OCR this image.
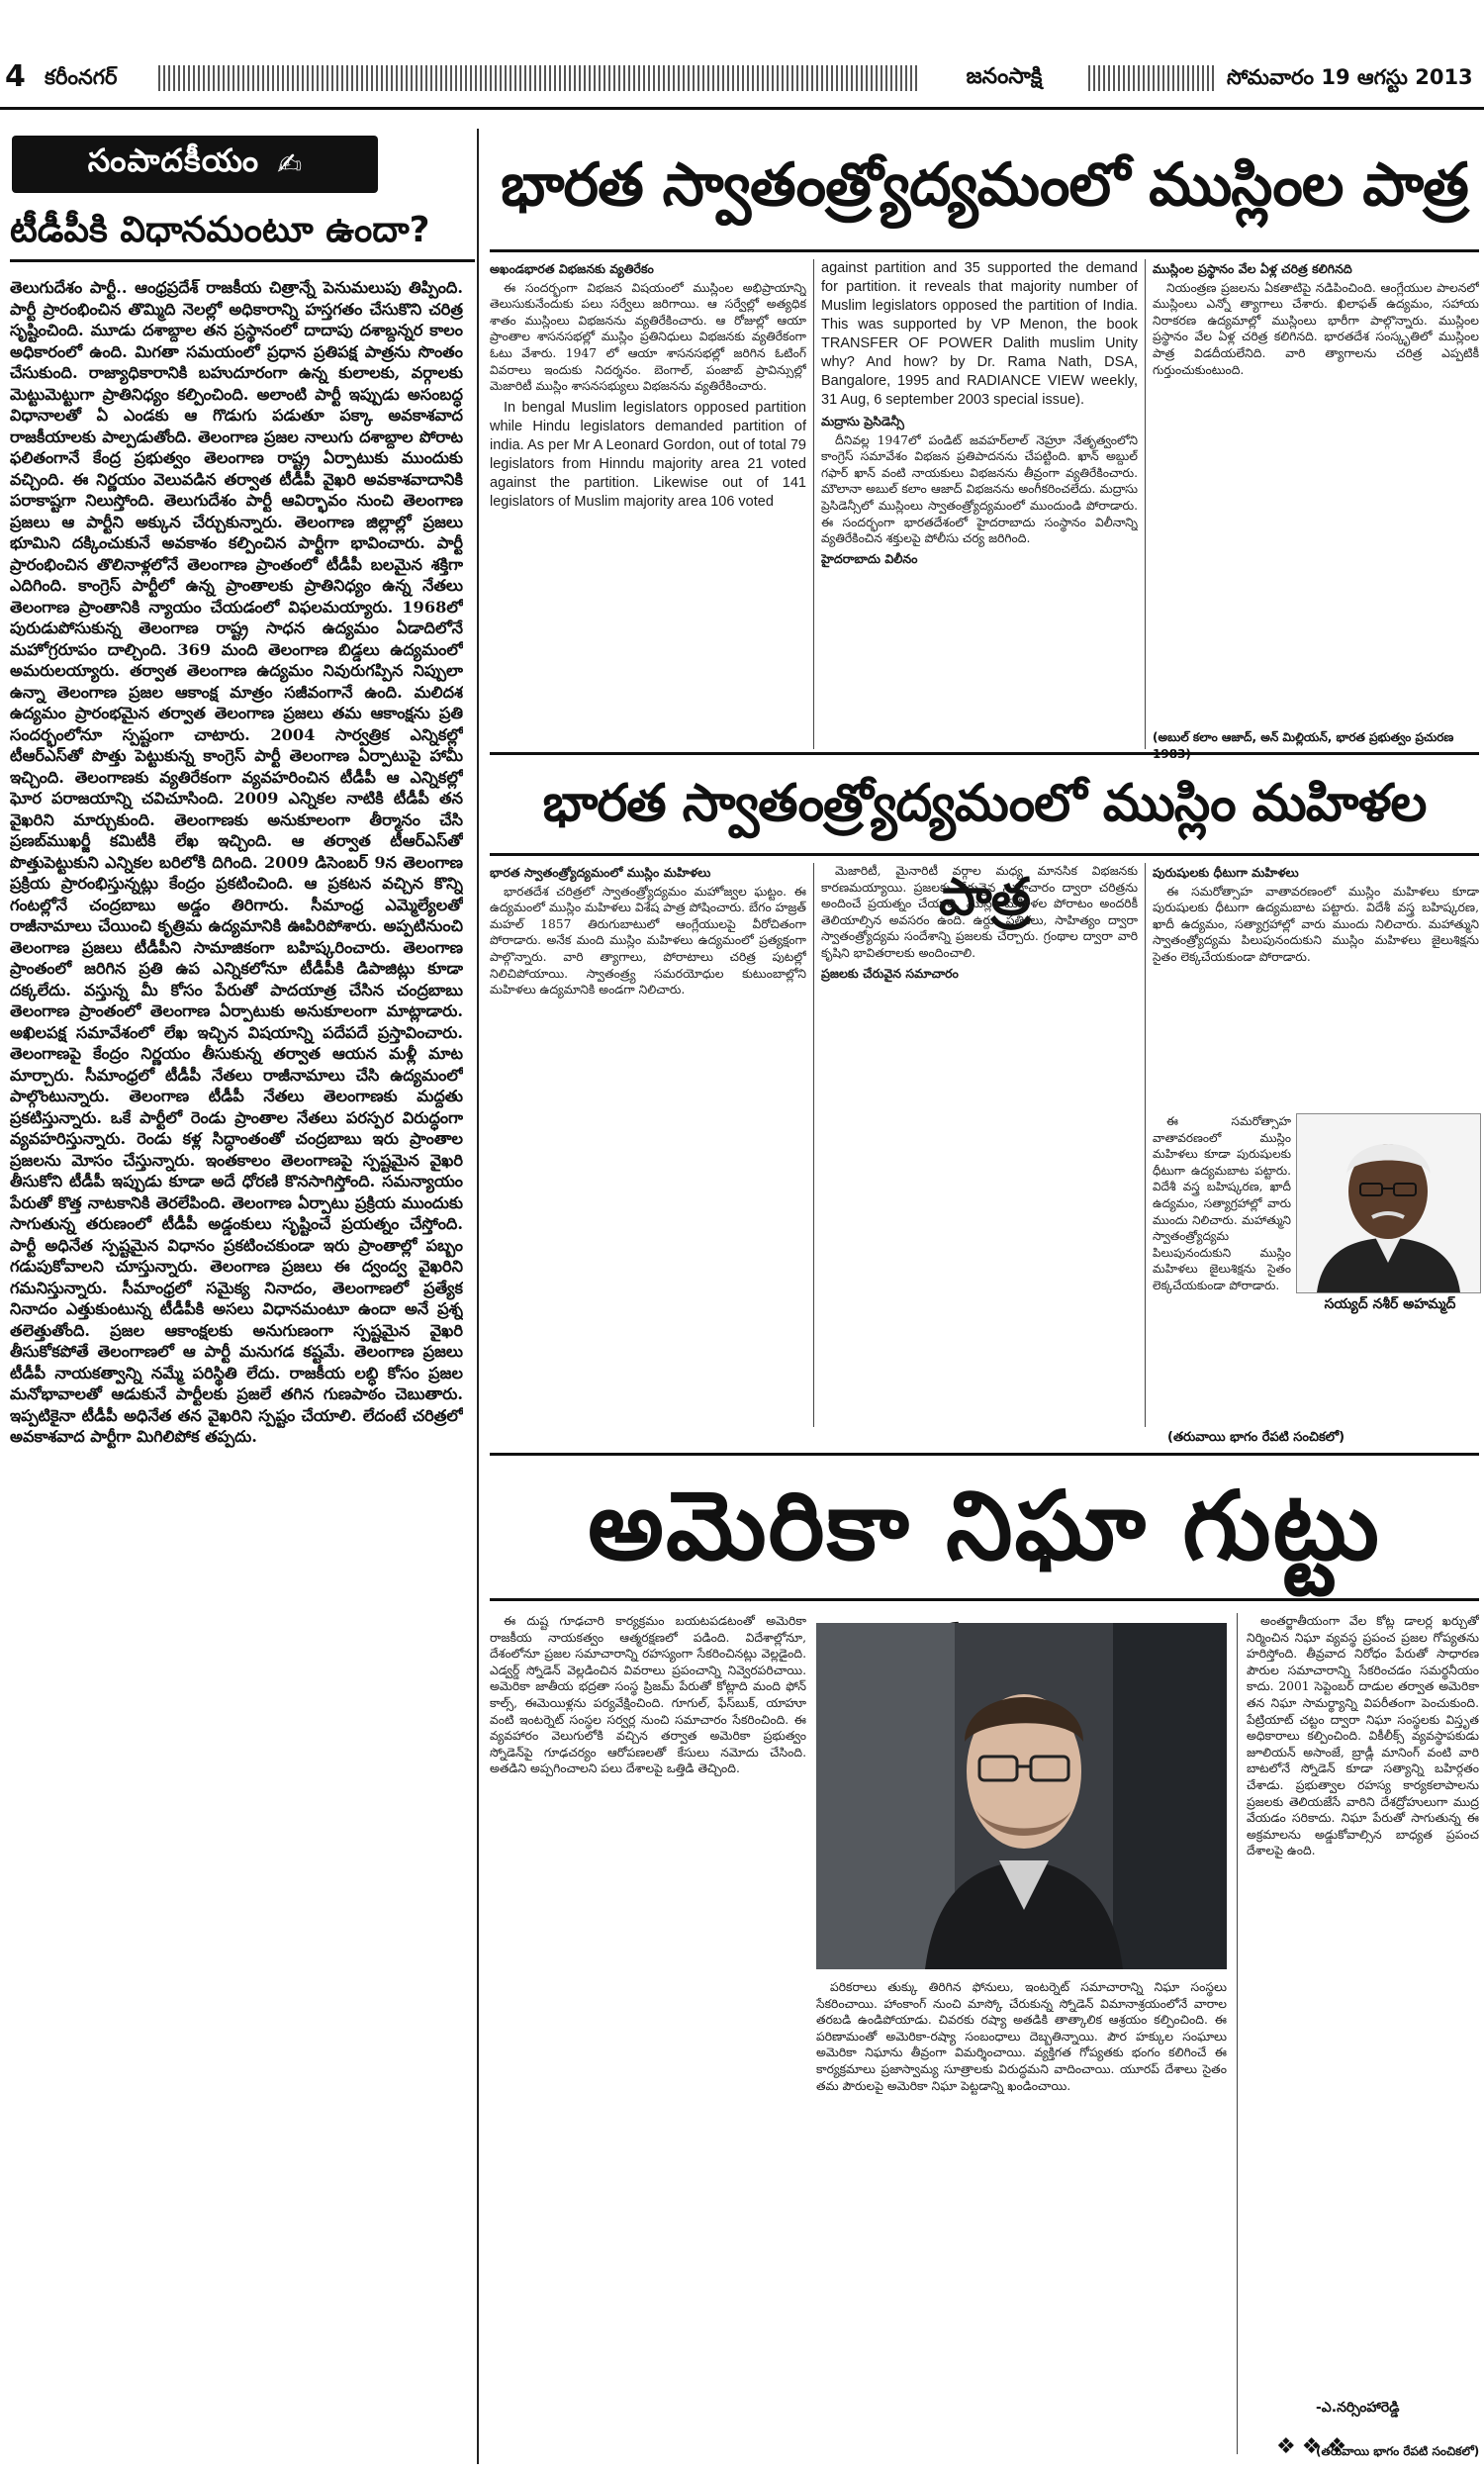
4 కరీంనగర్	జనంసాక్షి	సోమవారం 19 ఆగస్టు 2013
సంపాదకీయం ✍
టీడీపీకి విధానమంటూ ఉందా?
తెలుగుదేశం పార్టీ.. ఆంధ్రప్రదేశ్‌ రాజకీయ చిత్రాన్నే పెనుమలుపు తిప్పింది. పార్టీ ప్రారంభించిన తొమ్మిది నెలల్లో అధికారాన్ని హస్తగతం చేసుకొని చరిత్ర సృష్టించింది. మూడు దశాబ్దాల తన ప్రస్థానంలో దాదాపు దశాబ్దన్నర కాలం అధికారంలో ఉంది. మిగతా సమయంలో ప్రధాన ప్రతిపక్ష పాత్రను సొంతం చేసుకుంది. రాజ్యాధికారానికి బహుదూరంగా ఉన్న కులాలకు, వర్గాలకు మెట్టుమెట్టుగా ప్రాతినిధ్యం కల్పించింది. అలాంటి పార్టీ ఇప్పుడు అసంబద్ధ విధానాలతో ఏ ఎండకు ఆ గొడుగు పడుతూ పక్కా అవకాశవాద రాజకీయాలకు పాల్పడుతోంది. తెలంగాణ ప్రజల నాలుగు దశాబ్దాల పోరాట ఫలితంగానే కేంద్ర ప్రభుత్వం తెలంగాణ రాష్ట్ర ఏర్పాటుకు ముందుకు వచ్చింది. ఈ నిర్ణయం వెలువడిన తర్వాత టీడీపీ వైఖరి అవకాశవాదానికి పరాకాష్టగా నిలుస్తోంది. తెలుగుదేశం పార్టీ ఆవిర్భావం నుంచి తెలంగాణ ప్రజలు ఆ పార్టీని అక్కున చేర్చుకున్నారు. తెలంగాణ జిల్లాల్లో ప్రజలు భూమిని దక్కించుకునే అవకాశం కల్పించిన పార్టీగా భావించారు. పార్టీ ప్రారంభించిన తొలినాళ్లలోనే తెలంగాణ ప్రాంతంలో టీడీపీ బలమైన శక్తిగా ఎదిగింది. కాంగ్రెస్‌ పార్టీలో ఉన్న ప్రాంతాలకు ప్రాతినిధ్యం ఉన్న నేతలు తెలంగాణ ప్రాంతానికి న్యాయం చేయడంలో విఫలమయ్యారు. 1968లో పురుడుపోసుకున్న తెలంగాణ రాష్ట్ర సాధన ఉద్యమం ఏడాదిలోనే మహోగ్రరూపం దాల్చింది. 369 మంది తెలంగాణ బిడ్డలు ఉద్యమంలో అమరులయ్యారు. తర్వాత తెలంగాణ ఉద్యమం నివురుగప్పిన నిప్పులా ఉన్నా తెలంగాణ ప్రజల ఆకాంక్ష మాత్రం సజీవంగానే ఉంది. మలిదశ ఉద్యమం ప్రారంభమైన తర్వాత తెలంగాణ ప్రజలు తమ ఆకాంక్షను ప్రతి సందర్భంలోనూ స్పష్టంగా చాటారు. 2004 సార్వత్రిక ఎన్నికల్లో టీఆర్‌ఎస్‌తో పొత్తు పెట్టుకున్న కాంగ్రెస్‌ పార్టీ తెలంగాణ ఏర్పాటుపై హామీ ఇచ్చింది. తెలంగాణకు వ్యతిరేకంగా వ్యవహరించిన టీడీపీ ఆ ఎన్నికల్లో ఘోర పరాజయాన్ని చవిచూసింది. 2009 ఎన్నికల నాటికి టీడీపీ తన వైఖరిని మార్చుకుంది. తెలంగాణకు అనుకూలంగా తీర్మానం చేసి ప్రణబ్‌ముఖర్జీ కమిటీకి లేఖ ఇచ్చింది. ఆ తర్వాత టీఆర్‌ఎస్‌తో పొత్తుపెట్టుకుని ఎన్నికల బరిలోకి దిగింది. 2009 డిసెంబర్‌ 9న తెలంగాణ ప్రక్రియ ప్రారంభిస్తున్నట్లు కేంద్రం ప్రకటించింది. ఆ ప్రకటన వచ్చిన కొన్ని గంటల్లోనే చంద్రబాబు అడ్డం తిరిగారు. సీమాంధ్ర ఎమ్మెల్యేలతో రాజీనామాలు చేయించి కృత్రిమ ఉద్యమానికి ఊపిరిపోశారు. అప్పటినుంచి తెలంగాణ ప్రజలు టీడీపీని సామాజికంగా బహిష్కరించారు. తెలంగాణ ప్రాంతంలో జరిగిన ప్రతి ఉప ఎన్నికలోనూ టీడీపీకి డిపాజిట్లు కూడా దక్కలేదు. వస్తున్న మీ కోసం పేరుతో పాదయాత్ర చేసిన చంద్రబాబు తెలంగాణ ప్రాంతంలో తెలంగాణ ఏర్పాటుకు అనుకూలంగా మాట్లాడారు. అఖిలపక్ష సమావేశంలో లేఖ ఇచ్చిన విషయాన్ని పదేపదే ప్రస్తావించారు. తెలంగాణపై కేంద్రం నిర్ణయం తీసుకున్న తర్వాత ఆయన మళ్లీ మాట మార్చారు. సీమాంధ్రలో టీడీపీ నేతలు రాజీనామాలు చేసి ఉద్యమంలో పాల్గొంటున్నారు. తెలంగాణ టీడీపీ నేతలు తెలంగాణకు మద్దతు ప్రకటిస్తున్నారు. ఒకే పార్టీలో రెండు ప్రాంతాల నేతలు పరస్పర విరుద్ధంగా వ్యవహరిస్తున్నారు. రెండు కళ్ల సిద్ధాంతంతో చంద్రబాబు ఇరు ప్రాంతాల ప్రజలను మోసం చేస్తున్నారు. ఇంతకాలం తెలంగాణపై స్పష్టమైన వైఖరి తీసుకోని టీడీపీ ఇప్పుడు కూడా అదే ధోరణి కొనసాగిస్తోంది. సమన్యాయం పేరుతో కొత్త నాటకానికి తెరలేపింది. తెలంగాణ ఏర్పాటు ప్రక్రియ ముందుకు సాగుతున్న తరుణంలో టీడీపీ అడ్డంకులు సృష్టించే ప్రయత్నం చేస్తోంది. పార్టీ అధినేత స్పష్టమైన విధానం ప్రకటించకుండా ఇరు ప్రాంతాల్లో పబ్బం గడుపుకోవాలని చూస్తున్నారు. తెలంగాణ ప్రజలు ఈ ద్వంద్వ వైఖరిని గమనిస్తున్నారు. సీమాంధ్రలో సమైక్య నినాదం, తెలంగాణలో ప్రత్యేక నినాదం ఎత్తుకుంటున్న టీడీపీకి అసలు విధానమంటూ ఉందా అనే ప్రశ్న తలెత్తుతోంది. ప్రజల ఆకాంక్షలకు అనుగుణంగా స్పష్టమైన వైఖరి తీసుకోకపోతే తెలంగాణలో ఆ పార్టీ మనుగడ కష్టమే. తెలంగాణ ప్రజలు టీడీపీ నాయకత్వాన్ని నమ్మే పరిస్థితి లేదు. రాజకీయ లబ్ధి కోసం ప్రజల మనోభావాలతో ఆడుకునే పార్టీలకు ప్రజలే తగిన గుణపాఠం చెబుతారు. ఇప్పటికైనా టీడీపీ అధినేత తన వైఖరిని స్పష్టం చేయాలి. లేదంటే చరిత్రలో అవకాశవాద పార్టీగా మిగిలిపోక తప్పదు.
భారత స్వాతంత్ర్యోద్యమంలో ముస్లింల పాత్ర
అఖండభారత విభజనకు వ్యతిరేకం

ఈ సందర్భంగా విభజన విషయంలో ముస్లింల అభిప్రాయాన్ని తెలుసుకునేందుకు పలు సర్వేలు జరిగాయి. ఆ సర్వేల్లో అత్యధిక శాతం ముస్లింలు విభజనను వ్యతిరేకించారు. ఆ రోజుల్లో ఆయా ప్రాంతాల శాసనసభల్లో ముస్లిం ప్రతినిధులు విభజనకు వ్యతిరేకంగా ఓటు వేశారు. 1947 లో ఆయా శాసనసభల్లో జరిగిన ఓటింగ్ వివరాలు ఇందుకు నిదర్శనం. బెంగాల్, పంజాబ్ ప్రావిన్సుల్లో మెజారిటీ ముస్లిం శాసనసభ్యులు విభజనను వ్యతిరేకించారు.

In bengal Muslim legislators opposed partition while Hindu legislators demanded partition of india. As per Mr A Leonard Gordon, out of total 79 legislators from Hinndu majority area 21 voted against the partition. Likewise out of 141 legislators of Muslim majority area 106 voted

against partition and 35 supported the demand for partition. it reveals that majority number of Muslim legislators opposed the partition of India. This was supported by VP Menon, the book TRANSFER OF POWER Dalith muslim Unity why? And how? by Dr. Rama Nath, DSA, Bangalore, 1995 and RADIANCE VIEW weekly, 31 Aug, 6 september 2003 special issue).

మద్రాసు ప్రెసిడెన్సీ

దీనివల్ల 1947లో పండిట్ జవహర్‌లాల్ నెహ్రూ నేతృత్వంలోని కాంగ్రెస్ సమావేశం విభజన ప్రతిపాదనను చేపట్టింది. ఖాన్ అబ్దుల్ గఫార్ ఖాన్ వంటి నాయకులు విభజనను తీవ్రంగా వ్యతిరేకించారు. మౌలానా అబుల్ కలాం ఆజాద్ విభజనను అంగీకరించలేదు. మద్రాసు ప్రెసిడెన్సీలో ముస్లింలు స్వాతంత్ర్యోద్యమంలో ముందుండి పోరాడారు. ఈ సందర్భంగా భారతదేశంలో హైదరాబాదు సంస్థానం విలీనాన్ని వ్యతిరేకించిన శక్తులపై పోలీసు చర్య జరిగింది.

హైదరాబాదు విలీనం
ముస్లింల ప్రస్థానం వేల ఏళ్ల చరిత్ర కలిగినది

నియంత్రణ ప్రజలను ఏకతాటిపై నడిపించింది. ఆంగ్లేయుల పాలనలో ముస్లింలు ఎన్నో త్యాగాలు చేశారు. ఖిలాఫత్ ఉద్యమం, సహాయ నిరాకరణ ఉద్యమాల్లో ముస్లింలు భారీగా పాల్గొన్నారు. ముస్లింల ప్రస్థానం వేల ఏళ్ల చరిత్ర కలిగినది. భారతదేశ సంస్కృతిలో ముస్లింల పాత్ర విడదీయలేనిది. వారి త్యాగాలను చరిత్ర ఎప్పటికీ గుర్తుంచుకుంటుంది.

(అబుల్ కలాం ఆజాద్, అన్ మిల్లియన్, భారత ప్రభుత్వం ప్రచురణ
భారత స్వాతంత్ర్యోద్యమంలో ముస్లిం మహిళల పాత్ర
భారత స్వాతంత్ర్యోద్యమంలో ముస్లిం మహిళలు

భారతదేశ చరిత్రలో స్వాతంత్ర్యోద్యమం మహోజ్వల ఘట్టం. ఈ ఉద్యమంలో ముస్లిం మహిళలు విశేష పాత్ర పోషించారు. బేగం హజ్రత్ మహల్ 1857 తిరుగుబాటులో ఆంగ్లేయులపై వీరోచితంగా పోరాడారు. అనేక మంది ముస్లిం మహిళలు ఉద్యమంలో ప్రత్యక్షంగా పాల్గొన్నారు. వారి త్యాగాలు, పోరాటాలు చరిత్ర పుటల్లో నిలిచిపోయాయి. స్వాతంత్ర్య సమరయోధుల కుటుంబాల్లోని మహిళలు ఉద్యమానికి అండగా నిలిచారు.

మెజారిటీ, మైనారిటీ వర్గాల మధ్య మానసిక విభజనకు కారణమయ్యాయి. ప్రజలకు చేరువైన సమాచారం ద్వారా చరిత్రను అందించే ప్రయత్నం చేయాలి. ముస్లిం మహిళల పోరాటం అందరికీ తెలియాల్సిన అవసరం ఉంది. ఉర్దూ పత్రికలు, సాహిత్యం ద్వారా స్వాతంత్ర్యోద్యమ సందేశాన్ని ప్రజలకు చేర్చారు. గ్రంథాల ద్వారా వారి కృషిని భావితరాలకు అందించాలి.

ప్రజలకు చేరువైన సమాచారం
పురుషులకు ధీటుగా మహిళలు

ఈ సమరోత్సాహ వాతావరణంలో ముస్లిం మహిళలు కూడా పురుషులకు ధీటుగా ఉద్యమబాట పట్టారు. విదేశీ వస్త్ర బహిష్కరణ, ఖాదీ ఉద్యమం, సత్యాగ్రహాల్లో వారు ముందు నిలిచారు. మహాత్ముని స్వాతంత్ర్యోద్యమ పిలుపునందుకుని ముస్లిం మహిళలు జైలుశిక్షను సైతం లెక్కచేయకుండా పోరాడారు.

ఈ సమరోత్సాహ వాతావరణంలో ముస్లిం మహిళలు కూడా పురుషులకు ధీటుగా ఉద్యమబాట పట్టారు. విదేశీ వస్త్ర బహిష్కరణ, ఖాదీ ఉద్యమం, సత్యాగ్రహాల్లో వారు ముందు నిలిచారు. మహాత్ముని స్వాతంత్ర్యోద్యమ పిలుపునందుకుని ముస్లిం మహిళలు జైలుశిక్షను సైతం లెక్కచేయకుండా పోరాడారు.

సయ్యద్ నశీర్ అహమ్మద్
(తరువాయి భాగం రేపటి సంచికలో)
అమెరికా నిఘా గుట్టు

ఈ దుష్ట గూఢచారి కార్యక్రమం బయటపడటంతో అమెరికా రాజకీయ నాయకత్వం ఆత్మరక్షణలో పడింది. విదేశాల్లోనూ, దేశంలోనూ ప్రజల సమాచారాన్ని రహస్యంగా సేకరించినట్లు వెల్లడైంది. ఎడ్వర్డ్ స్నోడెన్ వెల్లడించిన వివరాలు ప్రపంచాన్ని నివ్వెరపరిచాయి. అమెరికా జాతీయ భద్రతా సంస్థ ప్రిజమ్ పేరుతో కోట్లాది మంది ఫోన్ కాల్స్, ఈమెయిళ్లను పర్యవేక్షించింది. గూగుల్, ఫేస్‌బుక్, యాహూ వంటి ఇంటర్నెట్ సంస్థల సర్వర్ల నుంచి సమాచారం సేకరించింది. ఈ వ్యవహారం వెలుగులోకి వచ్చిన తర్వాత అమెరికా ప్రభుత్వం స్నోడెన్‌పై గూఢచర్యం ఆరోపణలతో కేసులు నమోదు చేసింది. అతడిని అప్పగించాలని పలు దేశాలపై ఒత్తిడి తెచ్చింది.

పరికరాలు తుక్కు తిరిగిన ఫోనులు, ఇంటర్నెట్ సమాచారాన్ని నిఘా సంస్థలు సేకరించాయి. హాంకాంగ్ నుంచి మాస్కో చేరుకున్న స్నోడెన్ విమానాశ్రయంలోనే వారాల తరబడి ఉండిపోయాడు. చివరకు రష్యా అతడికి తాత్కాలిక ఆశ్రయం కల్పించింది. ఈ పరిణామంతో అమెరికా-రష్యా సంబంధాలు దెబ్బతిన్నాయి. పౌర హక్కుల సంఘాలు అమెరికా నిఘాను తీవ్రంగా విమర్శించాయి. వ్యక్తిగత గోప్యతకు భంగం కలిగించే ఈ కార్యక్రమాలు ప్రజాస్వామ్య సూత్రాలకు విరుద్ధమని వాదించాయి. యూరప్ దేశాలు సైతం తమ పౌరులపై అమెరికా నిఘా పెట్టడాన్ని ఖండించాయి.

అంతర్జాతీయంగా వేల కోట్ల డాలర్ల ఖర్చుతో నిర్మించిన నిఘా వ్యవస్థ ప్రపంచ ప్రజల గోప్యతను హరిస్తోంది. తీవ్రవాద నిరోధం పేరుతో సాధారణ పౌరుల సమాచారాన్ని సేకరించడం సమర్థనీయం కాదు. 2001 సెప్టెంబర్ దాడుల తర్వాత అమెరికా తన నిఘా సామర్థ్యాన్ని విపరీతంగా పెంచుకుంది. పేట్రియాట్ చట్టం ద్వారా నిఘా సంస్థలకు విస్తృత అధికారాలు కల్పించింది. వికీలీక్స్ వ్యవస్థాపకుడు జూలియన్ అసాంజే, బ్రాడ్లీ మానింగ్ వంటి వారి బాటలోనే స్నోడెన్ కూడా సత్యాన్ని బహిర్గతం చేశాడు. ప్రభుత్వాల రహస్య కార్యకలాపాలను ప్రజలకు తెలియజేసే వారిని దేశద్రోహులుగా ముద్ర వేయడం సరికాదు. నిఘా పేరుతో సాగుతున్న ఈ అక్రమాలను అడ్డుకోవాల్సిన బాధ్యత ప్రపంచ దేశాలపై ఉంది.

-ఎ.నర్సింహారెడ్డి
❖❖❖
(తరువాయి భాగం రేపటి సంచికలో)
